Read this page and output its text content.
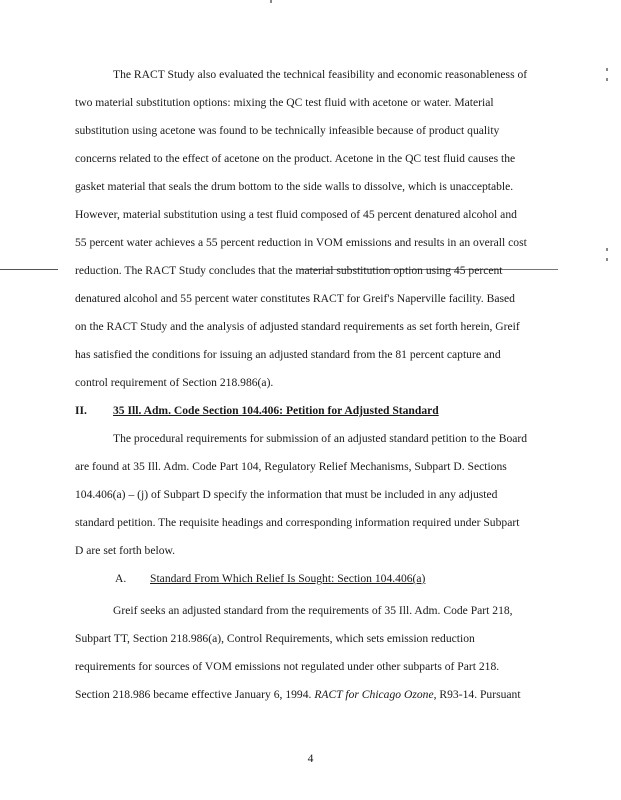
The RACT Study also evaluated the technical feasibility and economic reasonableness of
two material substitution options: mixing the QC test fluid with acetone or water. Material
substitution using acetone was found to be technically infeasible because of product quality
concerns related to the effect of acetone on the product. Acetone in the QC test fluid causes the
gasket material that seals the drum bottom to the side walls to dissolve, which is unacceptable.
However, material substitution using a test fluid composed of 45 percent denatured alcohol and
55 percent water achieves a 55 percent reduction in VOM emissions and results in an overall cost
reduction. The RACT Study concludes that the material substitution option using 45 percent
denatured alcohol and 55 percent water constitutes RACT for Greif's Naperville facility. Based
on the RACT Study and the analysis of adjusted standard requirements as set forth herein, Greif
has satisfied the conditions for issuing an adjusted standard from the 81 percent capture and
control requirement of Section 218.986(a).
II. 35 Ill. Adm. Code Section 104.406: Petition for Adjusted Standard
The procedural requirements for submission of an adjusted standard petition to the Board
are found at 35 Ill. Adm. Code Part 104, Regulatory Relief Mechanisms, Subpart D. Sections
104.406(a) – (j) of Subpart D specify the information that must be included in any adjusted
standard petition. The requisite headings and corresponding information required under Subpart
D are set forth below.
A. Standard From Which Relief Is Sought: Section 104.406(a)
Greif seeks an adjusted standard from the requirements of 35 Ill. Adm. Code Part 218,
Subpart TT, Section 218.986(a), Control Requirements, which sets emission reduction
requirements for sources of VOM emissions not regulated under other subparts of Part 218.
Section 218.986 became effective January 6, 1994. RACT for Chicago Ozone, R93-14. Pursuant
4
